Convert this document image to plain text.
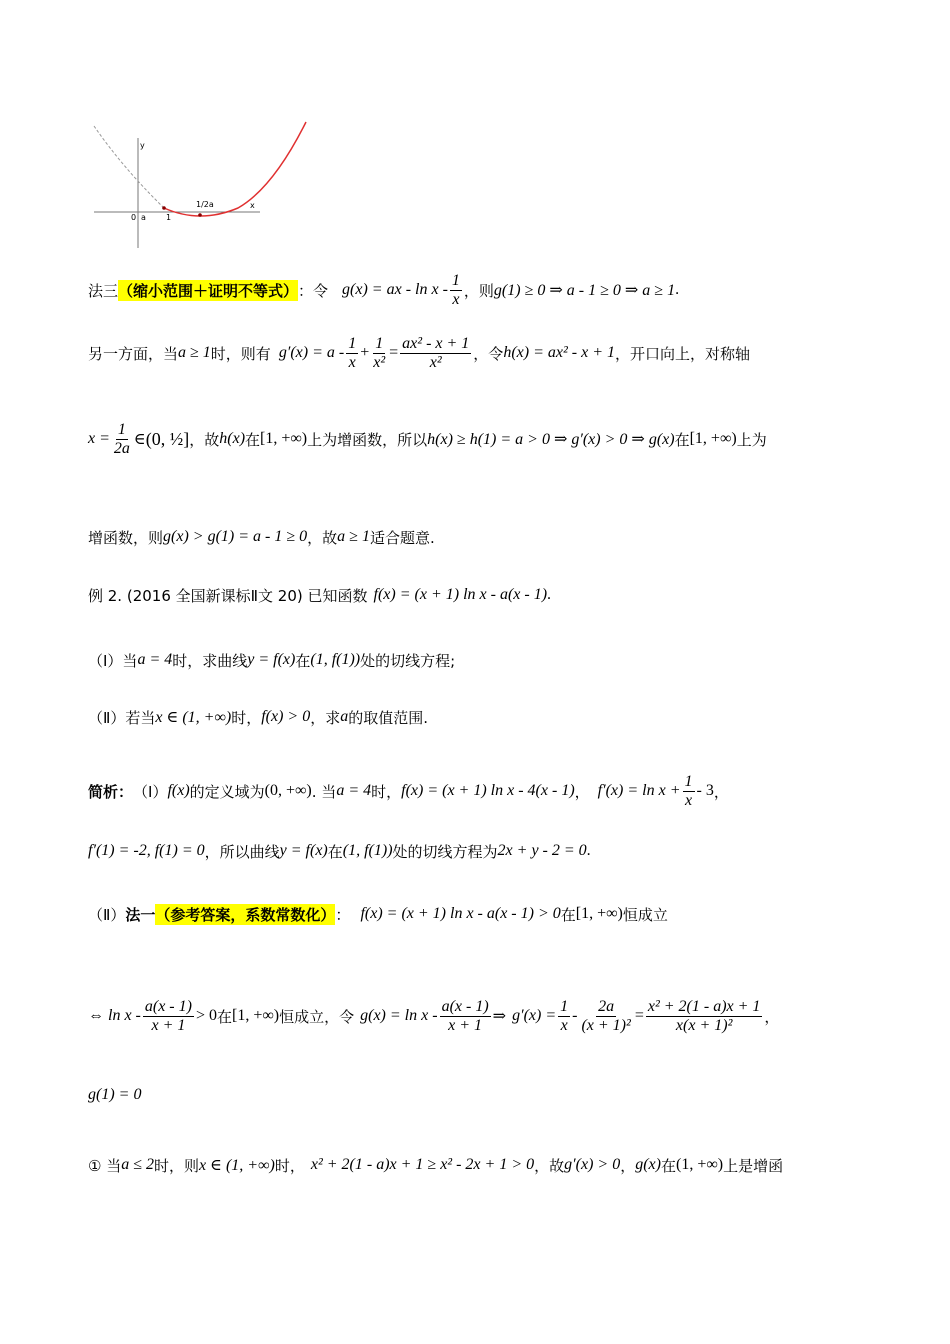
y
x
0 a	1
1/2a
法三 （缩小范围＋证明不等式） ：令 g(x) = ax - ln x - $\frac{1}{x}$ ，则 g(1) ≥ 0 ⇒ a - 1 ≥ 0 ⇒ a ≥ 1 .
另一方面，当 a ≥ 1 时，则有 $g'(x) = a - \frac{1}{x} + \frac{1}{\text{x²}} = \frac{\text{ax² - x + 1}}{\text{x²}}$ ，令 h(x) = ax² - x + 1 ，开口向上，对称轴
$x = \frac{1}{2a}$ ∈ (0, ½] ，故 h(x) 在 [1, +∞) 上为增函数，所以 h(x) ≥ h(1) = a > 0 ⇒ g′(x) > 0 ⇒ g(x) 在 [1, +∞) 上为
增函数，则 g(x) > g(1) = a - 1 ≥ 0 ，故 a ≥ 1 适合题意.
例 2. (2016 全国新课标Ⅱ文 20) 已知函数 f(x) = (x + 1) ln x - a(x - 1) .
（Ⅰ）当 a = 4 时，求曲线 y = f(x) 在 (1, f(1)) 处的切线方程;
（Ⅱ）若当 x ∈ (1, +∞) 时， f(x) > 0 ，求 a 的取值范围.
简析： （Ⅰ） f(x) 的定义域为 (0, +∞) . 当 a = 4 时， f(x) = (x + 1) ln x - 4(x - 1) ， $f'(x) = \ln x + \frac{1}{x} - 3$ ，
f′(1) = -2, f(1) = 0 ，所以曲线 y = f(x) 在 (1, f(1)) 处的切线方程为 2x + y - 2 = 0 .
（Ⅱ） 法一 （参考答案，系数常数化） ： f(x) = (x + 1) ln x - a(x - 1) > 0 在 [1, +∞) 恒成立
⇔ $\ln x - \frac{a(x - 1)}{x + 1} > 0$ 在 [1, +∞) 恒成立，令 $g(x) = \ln x - \frac{a(x - 1)}{x + 1}$ ⇒ $g'(x) = \frac{1}{x} - \frac{2a}{\text{(x + 1)²}} = \frac{\text{x² + 2(1 - a)x + 1}}{\text{x(x + 1)²}}$ ，
g(1) = 0
① 当 a ≤ 2 时，则 x ∈ (1, +∞) 时， x² + 2(1 - a)x + 1 ≥ x² - 2x + 1 > 0 ，故 g′(x) > 0 ， g(x) 在 (1, +∞) 上是增函
